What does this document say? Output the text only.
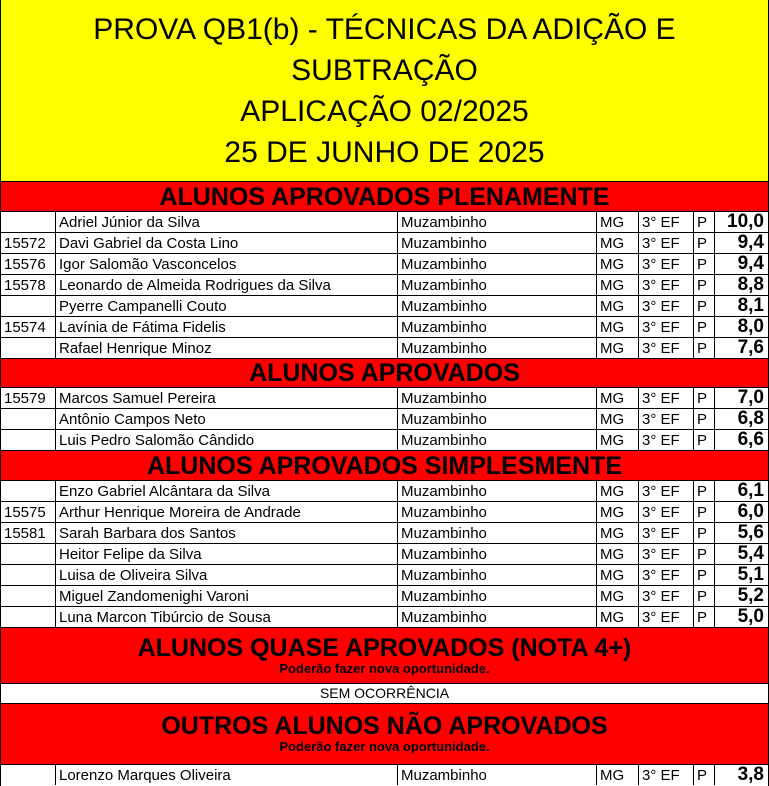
PROVA QB1(b) - TÉCNICAS DA ADIÇÃO E
SUBTRAÇÃO
APLICAÇÃO 02/2025
25 DE JUNHO DE 2025
ALUNOS APROVADOS PLENAMENTE
Adriel Júnior da Silva	Muzambinho	MG	3° EF	P	10,0
15572 Davi Gabriel da Costa Lino	Muzambinho	MG	3° EF	P	9,4
15576 Igor Salomão Vasconcelos	Muzambinho	MG	3° EF	P	9,4
15578 Leonardo de Almeida Rodrigues da Silva	Muzambinho	MG	3° EF	P	8,8
Pyerre Campanelli Couto	Muzambinho	MG	3° EF	P	8,1
15574 Lavínia de Fátima Fidelis	Muzambinho	MG	3° EF	P	8,0
Rafael Henrique Minoz	Muzambinho	MG	3° EF	P	7,6
ALUNOS APROVADOS
15579 Marcos Samuel Pereira	Muzambinho	MG	3° EF	P	7,0
Antônio Campos Neto	Muzambinho	MG	3° EF	P	6,8
Luis Pedro Salomão Cândido	Muzambinho	MG	3° EF	P	6,6
ALUNOS APROVADOS SIMPLESMENTE
Enzo Gabriel Alcântara da Silva	Muzambinho	MG	3° EF	P	6,1
15575 Arthur Henrique Moreira de Andrade	Muzambinho	MG	3° EF	P	6,0
15581 Sarah Barbara dos Santos	Muzambinho	MG	3° EF	P	5,6
Heitor Felipe da Silva	Muzambinho	MG	3° EF	P	5,4
Luisa de Oliveira Silva	Muzambinho	MG	3° EF	P	5,1
Miguel Zandomenighi Varoni	Muzambinho	MG	3° EF	P	5,2
Luna Marcon Tibúrcio de Sousa	Muzambinho	MG	3° EF	P	5,0
ALUNOS QUASE APROVADOS (NOTA 4+)
Poderão fazer nova oportunidade.
SEM OCORRÊNCIA
OUTROS ALUNOS NÃO APROVADOS
Poderão fazer nova oportunidade.
Lorenzo Marques Oliveira	Muzambinho	MG	3° EF	P	3,8
